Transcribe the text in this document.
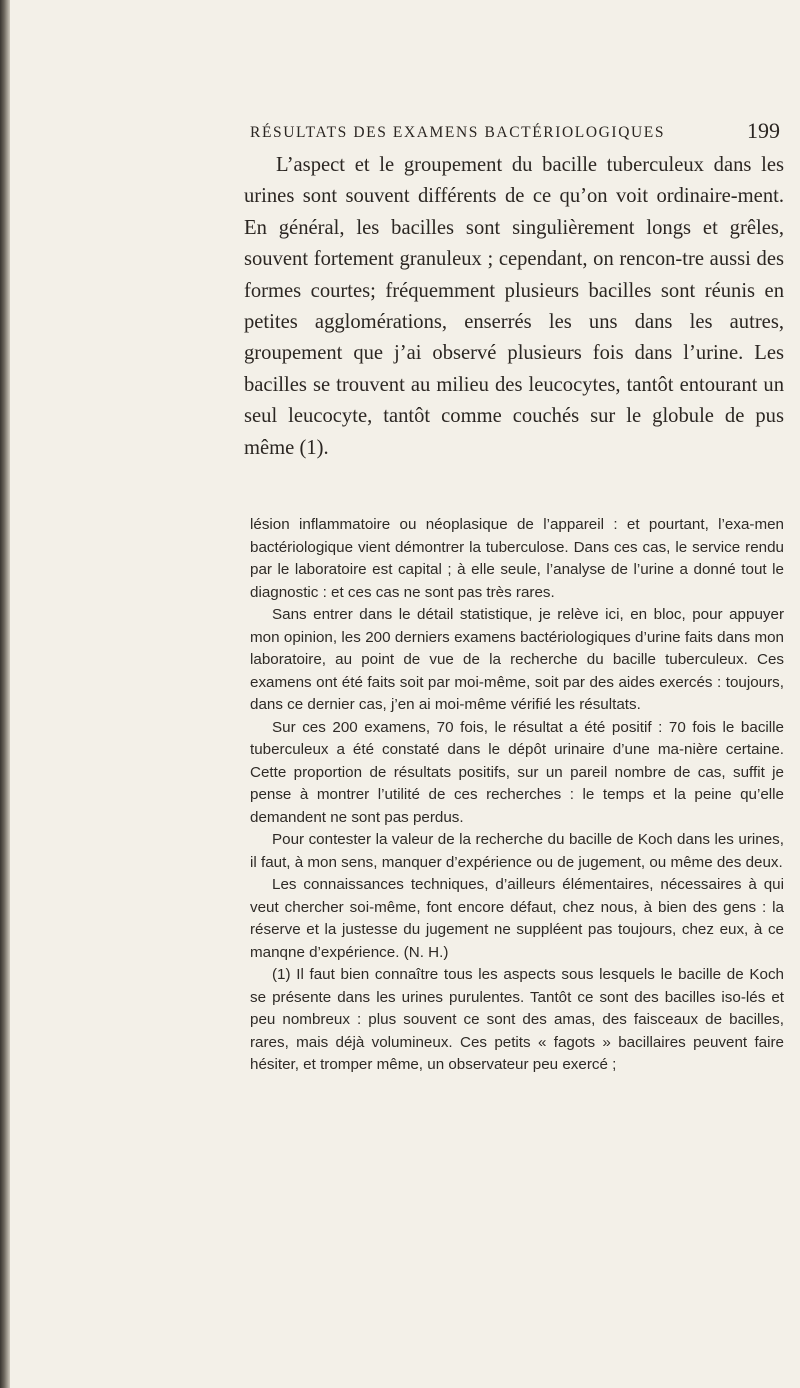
RÉSULTATS DES EXAMENS BACTÉRIOLOGIQUES	199

L’aspect et le groupement du bacille tuberculeux dans les urines sont souvent différents de ce qu’on voit ordinaire-ment. En général, les bacilles sont singulièrement longs et grêles, souvent fortement granuleux ; cependant, on rencon-tre aussi des formes courtes; fréquemment plusieurs bacilles sont réunis en petites agglomérations, enserrés les uns dans les autres, groupement que j’ai observé plusieurs fois dans l’urine. Les bacilles se trouvent au milieu des leucocytes, tantôt entourant un seul leucocyte, tantôt comme couchés sur le globule de pus même (1).

lésion inflammatoire ou néoplasique de l’appareil : et pourtant, l’exa-men bactériologique vient démontrer la tuberculose. Dans ces cas, le service rendu par le laboratoire est capital ; à elle seule, l’analyse de l’urine a donné tout le diagnostic : et ces cas ne sont pas très rares.

Sans entrer dans le détail statistique, je relève ici, en bloc, pour appuyer mon opinion, les 200 derniers examens bactériologiques d’urine faits dans mon laboratoire, au point de vue de la recherche du bacille tuberculeux. Ces examens ont été faits soit par moi-même, soit par des aides exercés : toujours, dans ce dernier cas, j’en ai moi-même vérifié les résultats.

Sur ces 200 examens, 70 fois, le résultat a été positif : 70 fois le bacille tuberculeux a été constaté dans le dépôt urinaire d’une ma-nière certaine. Cette proportion de résultats positifs, sur un pareil nombre de cas, suffit je pense à montrer l’utilité de ces recherches : le temps et la peine qu’elle demandent ne sont pas perdus.

Pour contester la valeur de la recherche du bacille de Koch dans les urines, il faut, à mon sens, manquer d’expérience ou de jugement, ou même des deux.

Les connaissances techniques, d’ailleurs élémentaires, nécessaires à qui veut chercher soi-même, font encore défaut, chez nous, à bien des gens : la réserve et la justesse du jugement ne suppléent pas toujours, chez eux, à ce manqne d’expérience. (N. H.)

(1) Il faut bien connaître tous les aspects sous lesquels le bacille de Koch se présente dans les urines purulentes. Tantôt ce sont des bacilles iso-lés et peu nombreux : plus souvent ce sont des amas, des faisceaux de bacilles, rares, mais déjà volumineux. Ces petits « fagots » bacillaires peuvent faire hésiter, et tromper même, un observateur peu exercé ;
